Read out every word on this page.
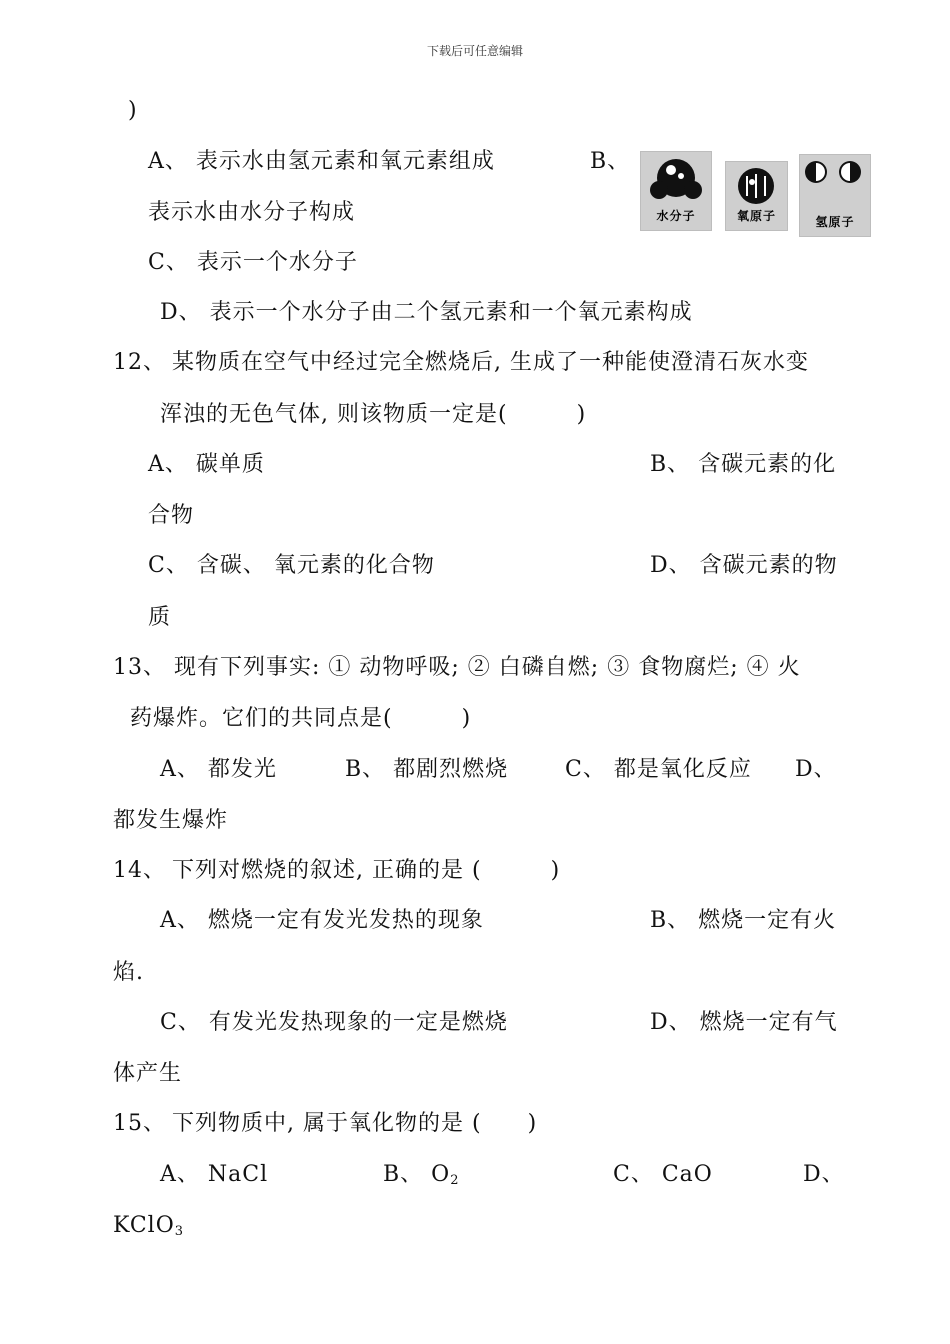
下载后可任意编辑
)
A、 表示水由氢元素和氧元素组成	B、
表示水由水分子构成
C、 表示一个水分子
D、 表示一个水分子由二个氢元素和一个氧元素构成
水分子	氧原子	氢原子
12、 某物质在空气中经过完全燃烧后, 生成了一种能使澄清石灰水变
浑浊的无色气体, 则该物质一定是(　　　)
A、 碳单质	B、 含碳元素的化
合物
C、 含碳、 氧元素的化合物	D、 含碳元素的物
质
13、 现有下列事实: ① 动物呼吸; ② 白磷自燃; ③ 食物腐烂; ④ 火
药爆炸。它们的共同点是(　　　)
A、 都发光	B、 都剧烈燃烧	C、 都是氧化反应 D、
都发生爆炸
14、 下列对燃烧的叙述, 正确的是 (　　　)
A、 燃烧一定有发光发热的现象	B、 燃烧一定有火
焰.
C、 有发光发热现象的一定是燃烧	D、 燃烧一定有气
体产生
15、 下列物质中, 属于氧化物的是 (　　)
A、 NaCl	B、 $O_2$	C、 CaO	D、
KClO$_3$
